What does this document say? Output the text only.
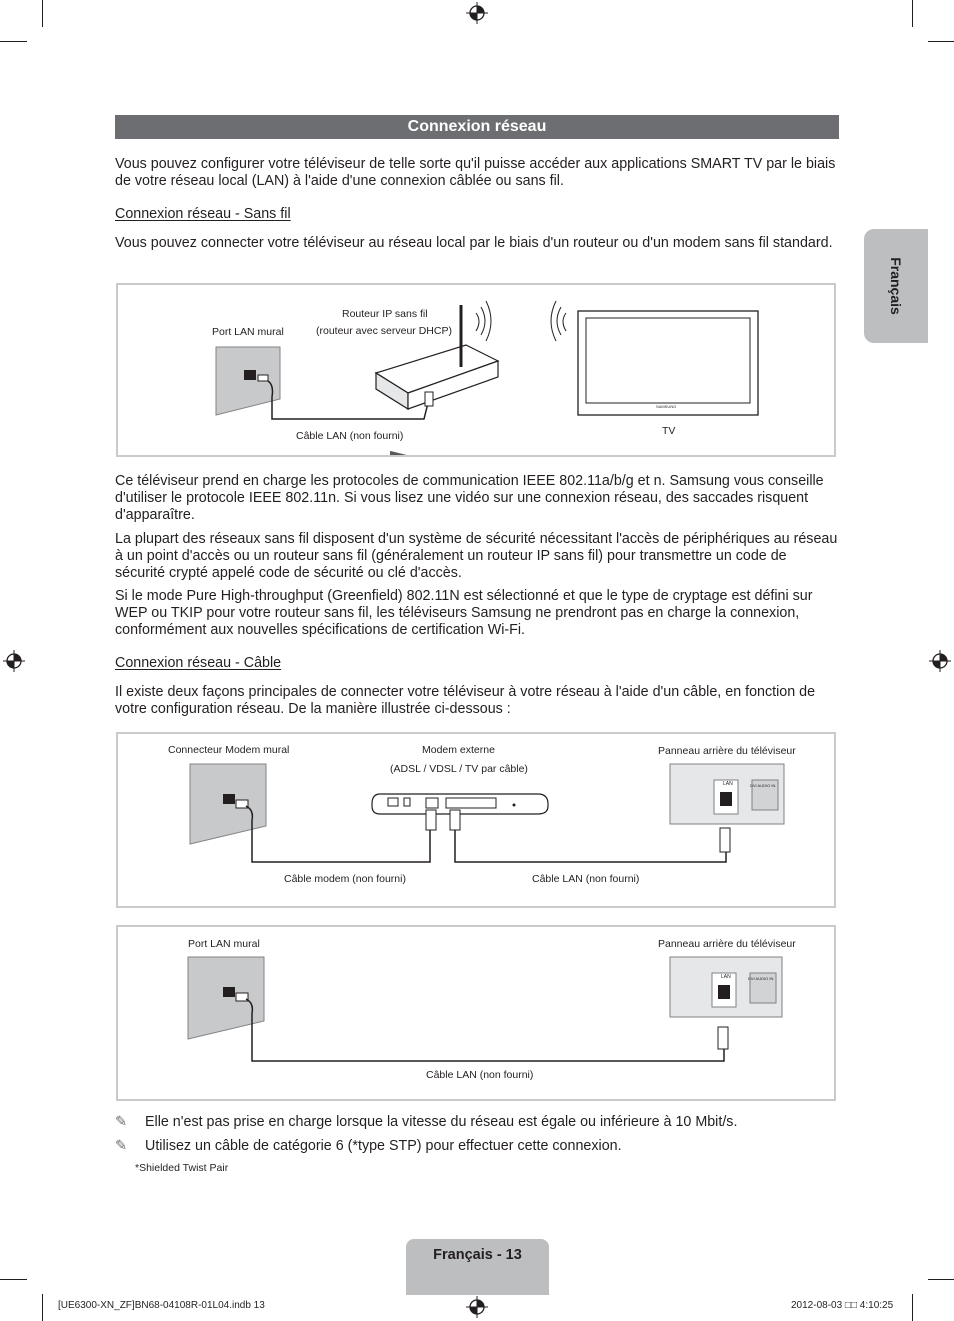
Français
Connexion réseau

Vous pouvez configurer votre téléviseur de telle sorte qu'il puisse accéder aux applications SMART TV par le biais de votre réseau local (LAN) à l'aide d'une connexion câblée ou sans fil.

Connexion réseau - Sans fil

Vous pouvez connecter votre téléviseur au réseau local par le biais d'un routeur ou d'un modem sans fil standard.

Port LAN mural
Routeur IP sans fil
(routeur avec serveur DHCP)
Câble LAN (non fourni)	TV
SAMSUNG

Ce téléviseur prend en charge les protocoles de communication IEEE 802.11a/b/g et n. Samsung vous conseille d'utiliser le protocole IEEE 802.11n. Si vous lisez une vidéo sur une connexion réseau, des saccades risquent d'apparaître.

La plupart des réseaux sans fil disposent d'un système de sécurité nécessitant l'accès de périphériques au réseau à un point d'accès ou un routeur sans fil (généralement un routeur IP sans fil) pour transmettre un code de sécurité crypté appelé code de sécurité ou clé d'accès.

Si le mode Pure High-throughput (Greenfield) 802.11N est sélectionné et que le type de cryptage est défini sur WEP ou TKIP pour votre routeur sans fil, les téléviseurs Samsung ne prendront pas en charge la connexion, conformément aux nouvelles spécifications de certification Wi-Fi.

Connexion réseau - Câble

Il existe deux façons principales de connecter votre téléviseur à votre réseau à l'aide d'un câble, en fonction de votre configuration réseau. De la manière illustrée ci-dessous :

Connecteur Modem mural	Modem externe
(ADSL / VDSL / TV par câble)
Panneau arrière du téléviseur
Câble modem (non fourni)	Câble LAN (non fourni)
LAN	DVI AUDIO IN
Port LAN mural	Panneau arrière du téléviseur
Câble LAN (non fourni)
LAN	DVI AUDIO IN
✎ Elle n'est pas prise en charge lorsque la vitesse du réseau est égale ou inférieure à 10 Mbit/s.
✎ Utilisez un câble de catégorie 6 (*type STP) pour effectuer cette connexion.
*Shielded Twist Pair
Français - 13
[UE6300-XN_ZF]BN68-04108R-01L04.indb 13	2012-08-03 □□ 4:10:25
